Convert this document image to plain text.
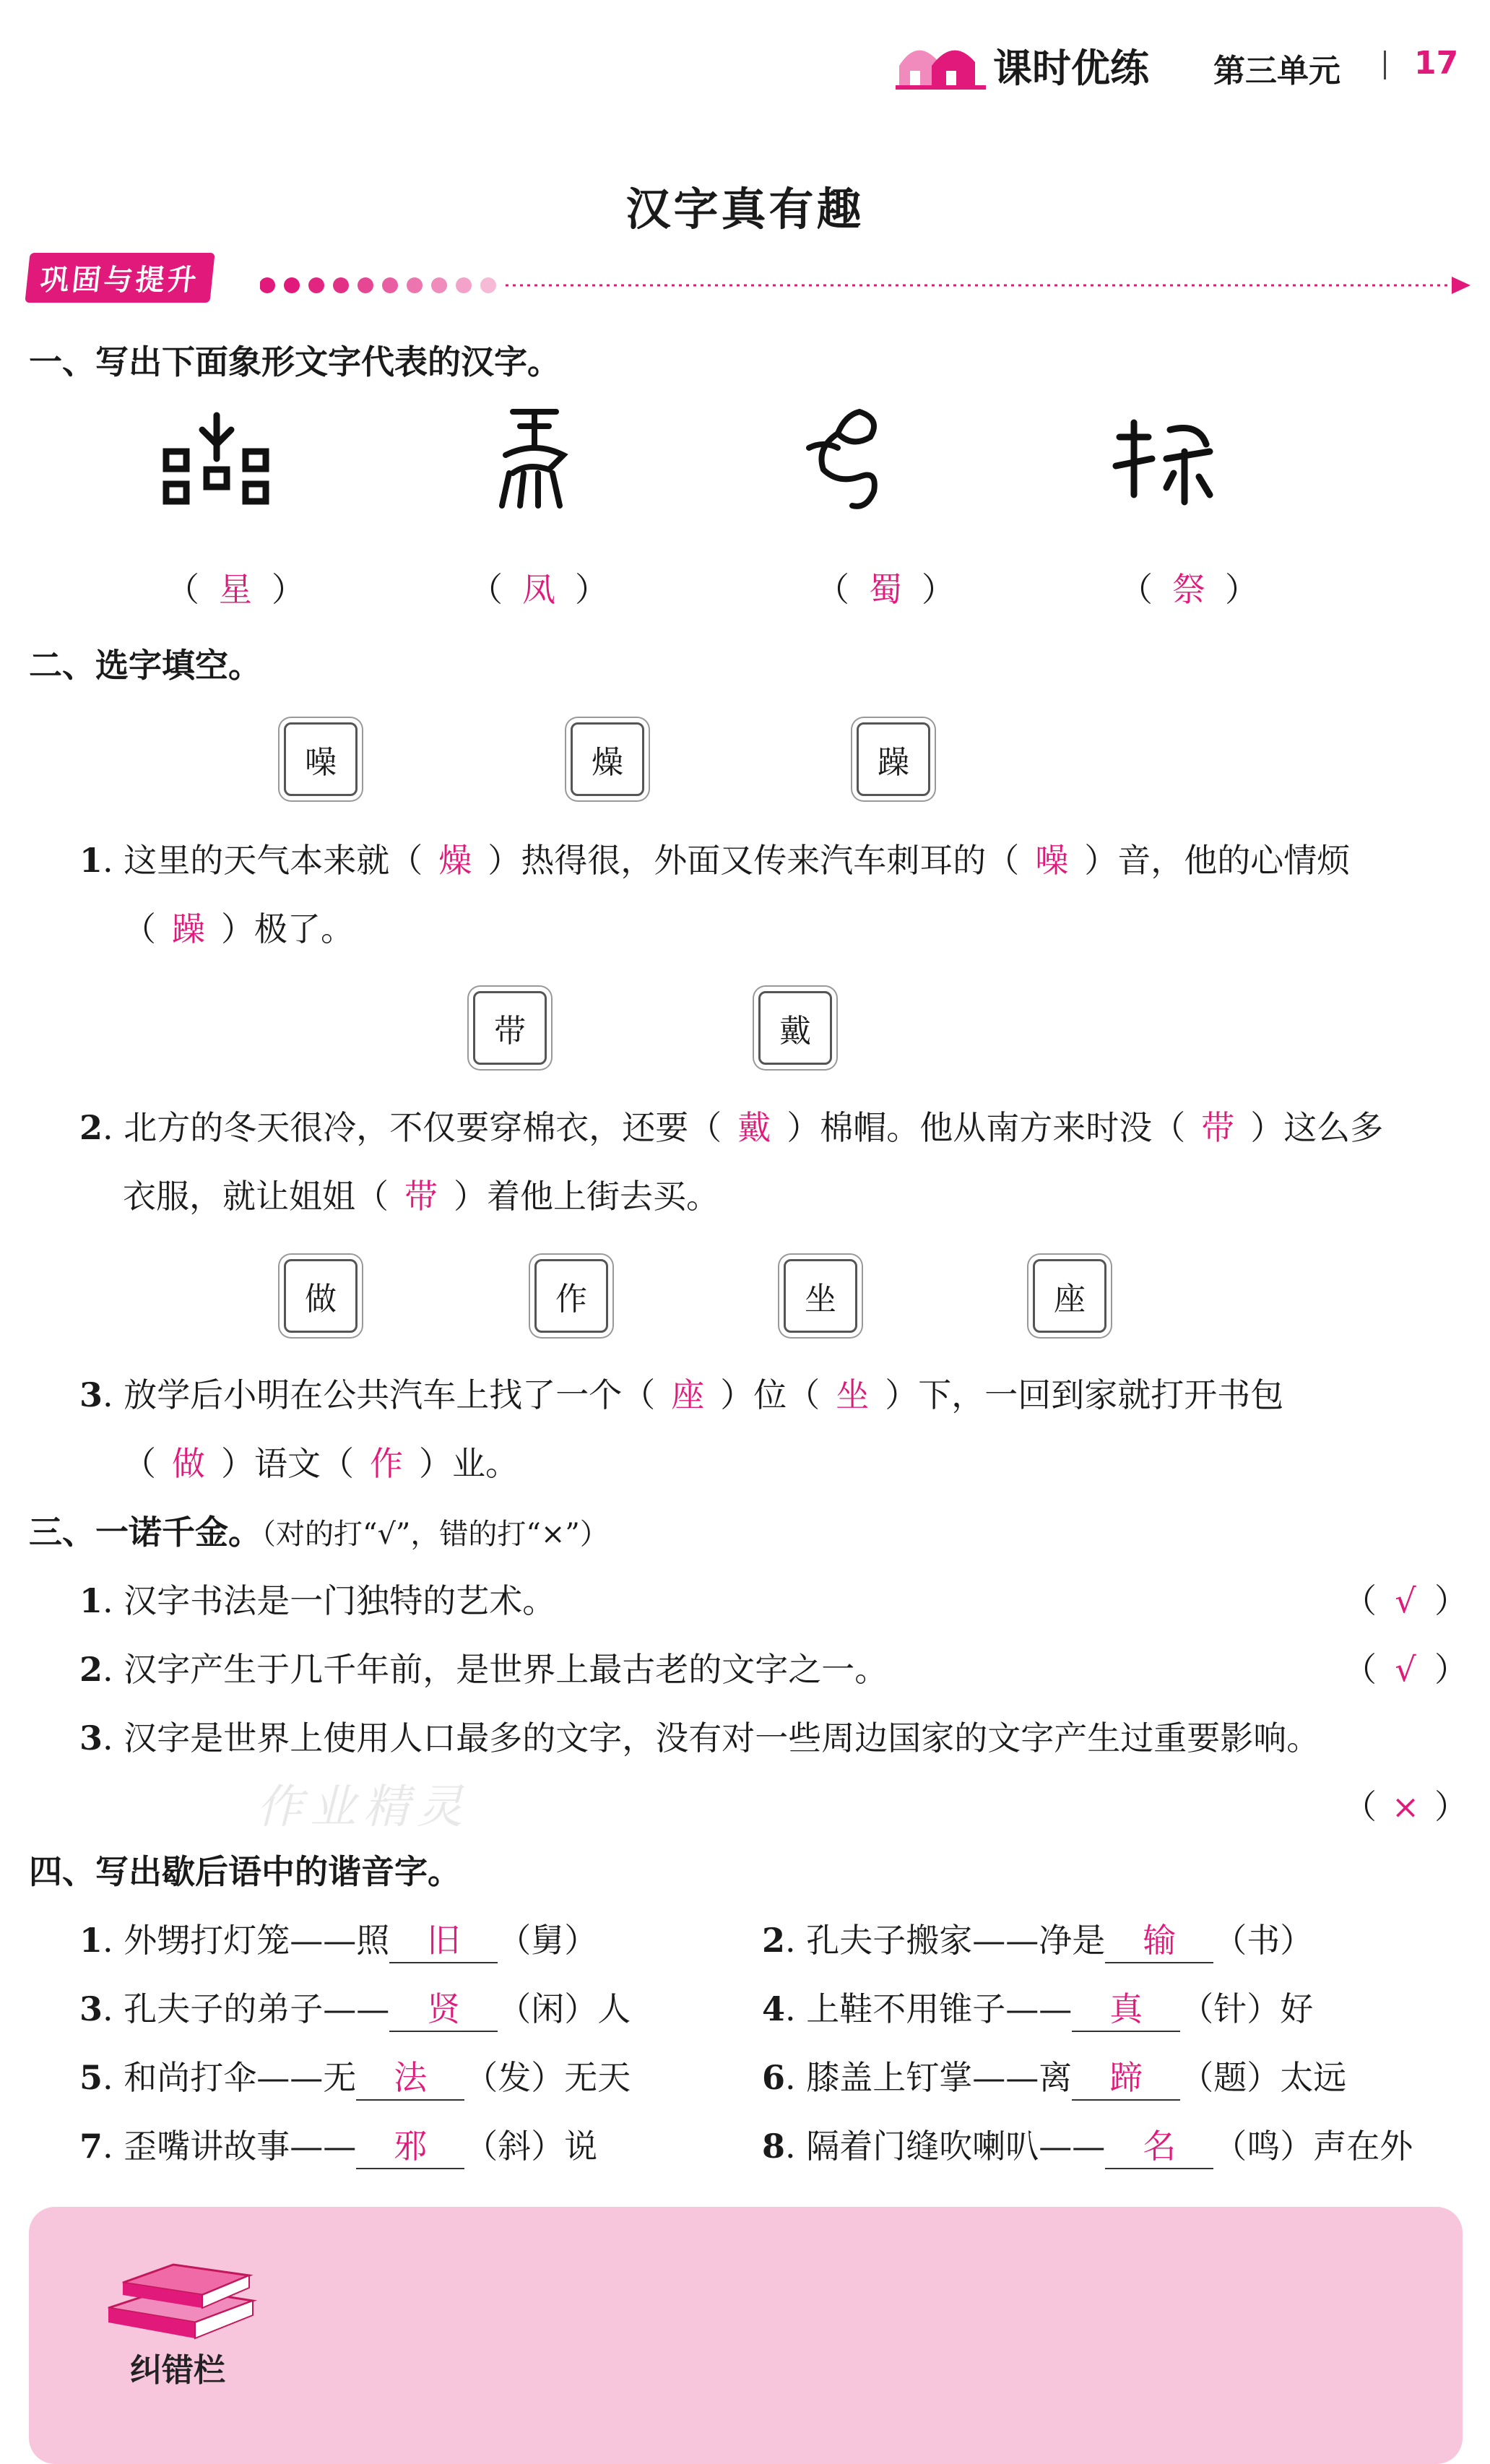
课时优练 第三单元 17
汉字真有趣
巩固与提升
一、写出下面象形文字代表的汉字。
（ 星 ）	（ 凤 ）	（ 蜀 ）	（ 祭 ）
二、选字填空。
噪	燥	躁
1. 这里的天气本来就（ 燥 ）热得很，外面又传来汽车刺耳的（ 噪 ）音，他的心情烦
（ 躁 ）极了。
带	戴
2. 北方的冬天很冷，不仅要穿棉衣，还要（ 戴 ）棉帽。他从南方来时没（ 带 ）这么多
衣服，就让姐姐（ 带 ）着他上街去买。
做	作	坐	座
3. 放学后小明在公共汽车上找了一个（ 座 ）位（ 坐 ）下，一回到家就打开书包
（ 做 ）语文（ 作 ）业。
三、一诺千金。（对的打“√”，错的打“×”）
1. 汉字书法是一门独特的艺术。	（ √ ）
2. 汉字产生于几千年前，是世界上最古老的文字之一。	（ √ ）
3. 汉字是世界上使用人口最多的文字，没有对一些周边国家的文字产生过重要影响。
（ × ）
作业精灵
四、写出歇后语中的谐音字。
1. 外甥打灯笼——照 旧 （舅）	2. 孔夫子搬家——净是 输 （书）
3. 孔夫子的弟子—— 贤 （闲）人	4. 上鞋不用锥子—— 真 （针）好
5. 和尚打伞——无 法 （发）无天	6. 膝盖上钉掌——离 蹄 （题）太远
7. 歪嘴讲故事—— 邪 （斜）说	8. 隔着门缝吹喇叭—— 名 （鸣）声在外
纠错栏
